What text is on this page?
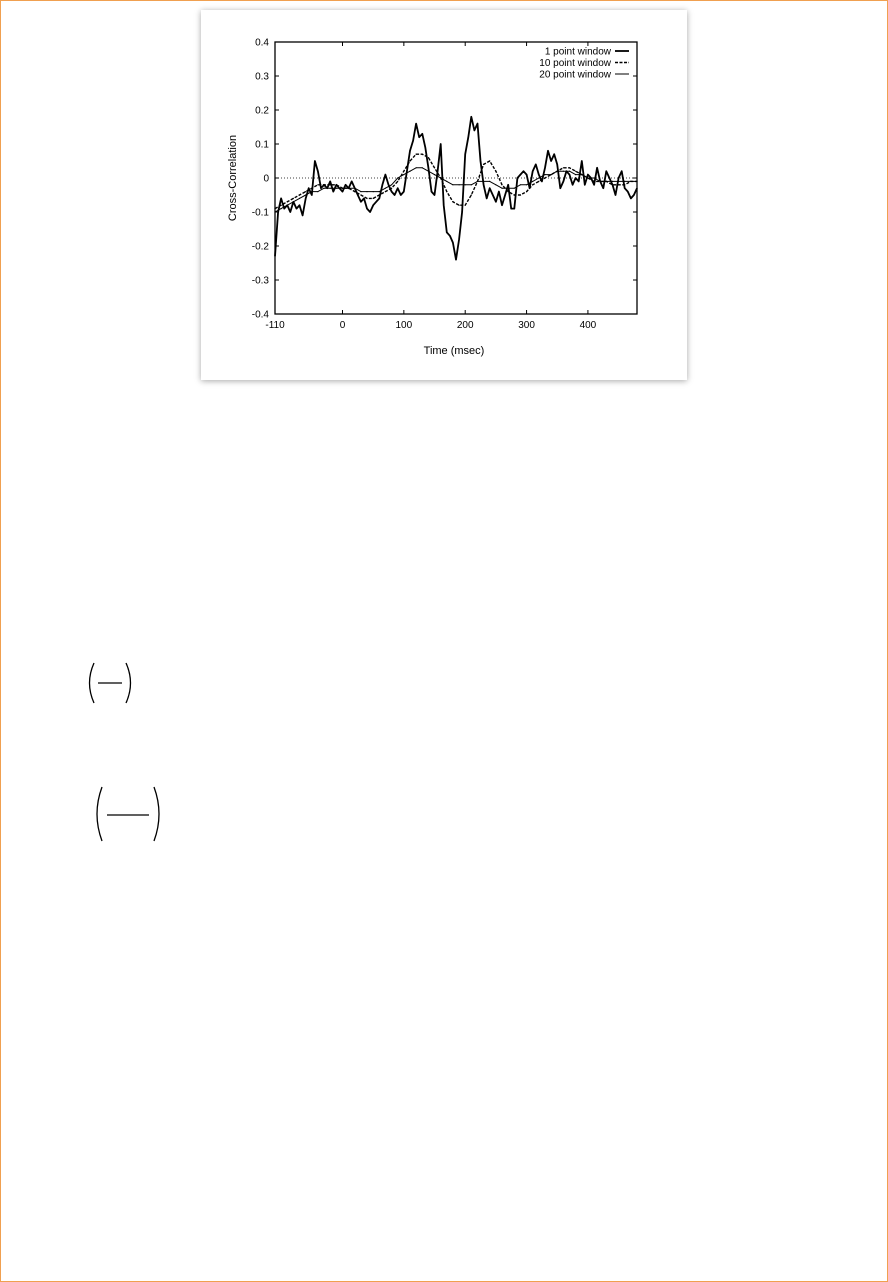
-110	0	100	200	300	400
-0.4
-0.3
-0.2
-0.1
0
0.1
0.2
0.3
0.4
Cross-Correlation
Time (msec)
1 point window
10 point window
20 point window
